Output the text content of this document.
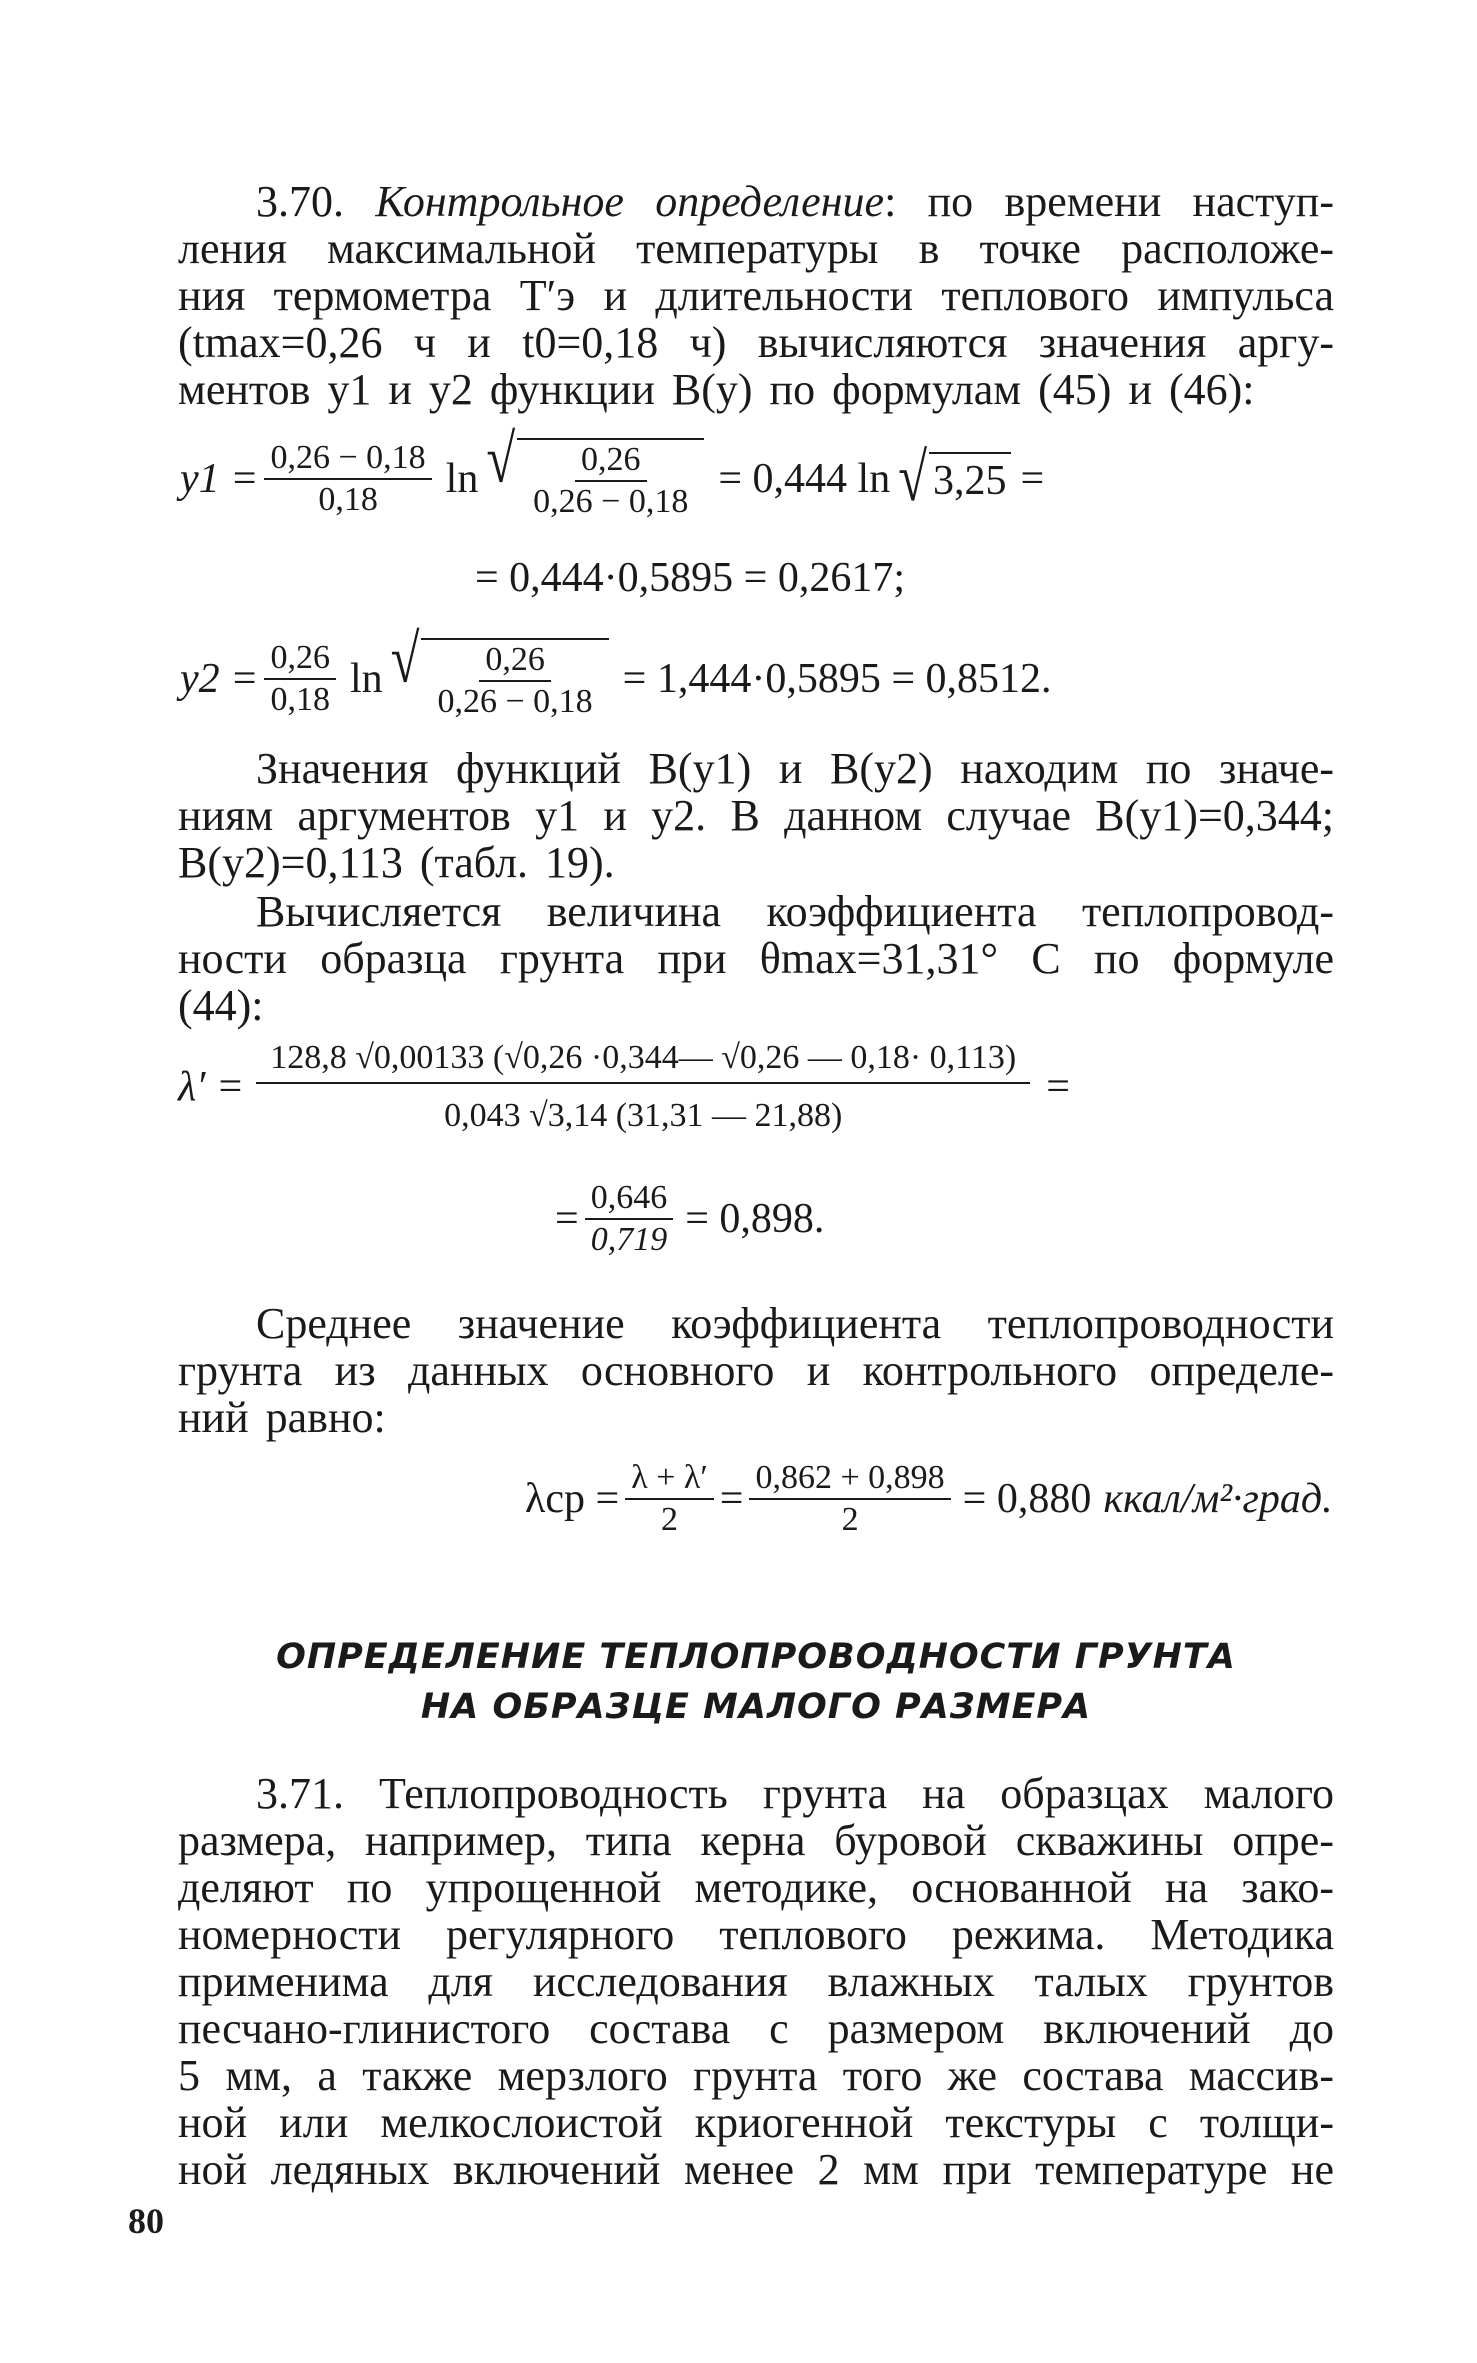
3.70. Контрольное определение: по времени наступ-
ления максимальной температуры в точке расположе-
ния термометра Т′э и длительности теплового импульса
(tmax=0,26 ч и t0=0,18 ч) вычисляются значения аргу-
ментов y1 и y2 функции B(y) по формулам (45) и (46):
$y1 = \frac{0,26 - 0,18}{0,18}$ ln √ $\frac{0,26}{0,26 - 0,18} = 0,444$ ln √ 3,25 =
= 0,444·0,5895 = 0,2617;
$y2 = \frac{0,26}{0,18}$ ln √ $\frac{0,26}{0,26 - 0,18} = 1,444\cdot 0,5895 = 0,8512$.
Значения функций B(y1) и B(y2) находим по значе-
ниям аргументов y1 и y2. В данном случае B(y1)=0,344;
B(y2)=0,113 (табл. 19).
Вычисляется величина коэффициента теплопровод-
ности образца грунта при θmax=31,31° С по формуле
(44):
$\lambda' = \frac{128,8 √0,00133 (√0,26 \cdot 0,344— √0,26 — 0,18\cdot 0,113)}{0,043 √3,14 (31,31 — 21,88)}$ =
= $\frac{0,646}{0,719} = 0,898$.
Среднее значение коэффициента теплопроводности
грунта из данных основного и контрольного определе-
ний равно:
$\lambda ср = \frac{\lambda + \lambda'}{2} = \frac{0,862 + 0,898}{2} = 0,880$ ккал/м²·град.
ОПРЕДЕЛЕНИЕ ТЕПЛОПРОВОДНОСТИ ГРУНТА
НА ОБРАЗЦЕ МАЛОГО РАЗМЕРА
3.71. Теплопроводность грунта на образцах малого
размера, например, типа керна буровой скважины опре-
деляют по упрощенной методике, основанной на зако-
номерности регулярного теплового режима. Методика
применима для исследования влажных талых грунтов
песчано-глинистого состава с размером включений до
5 мм, а также мерзлого грунта того же состава массив-
ной или мелкослоистой криогенной текстуры с толщи-
ной ледяных включений менее 2 мм при температуре не
80
